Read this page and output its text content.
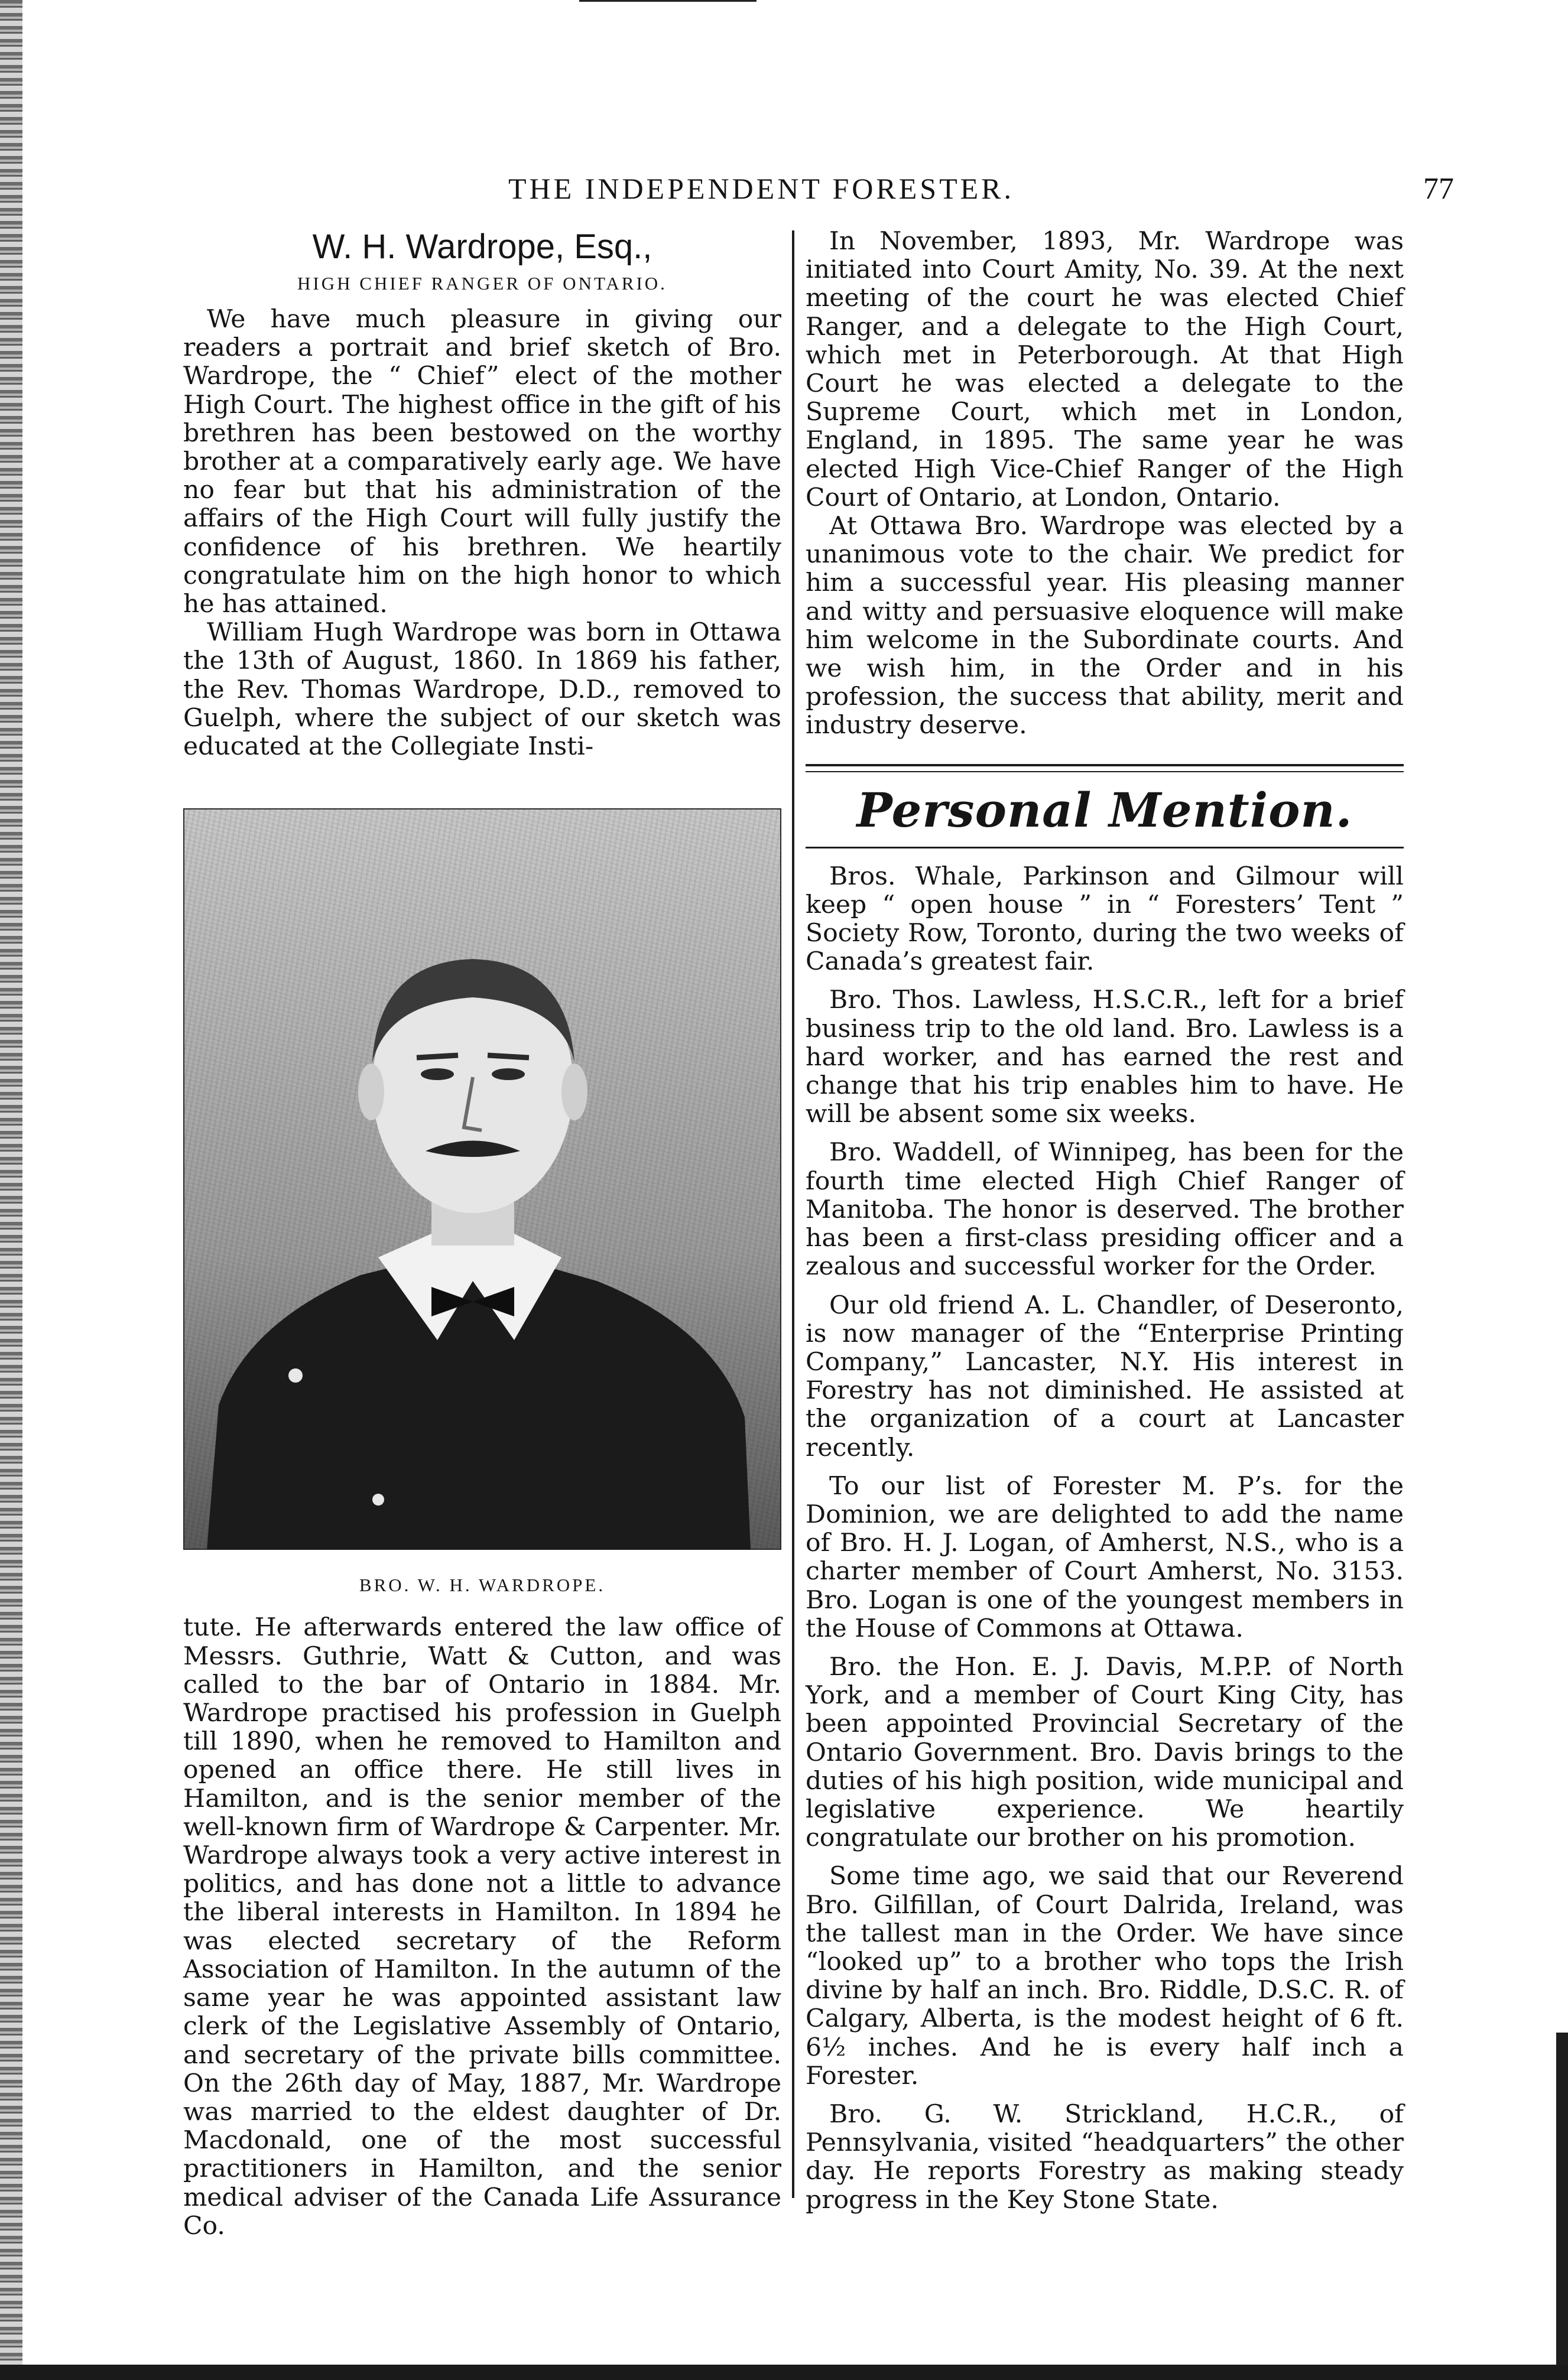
THE INDEPENDENT FORESTER.	77

W. H. Wardrope, Esq.,

HIGH CHIEF RANGER OF ONTARIO.

We have much pleasure in giving our readers a portrait and brief sketch of Bro. Wardrope, the “ Chief” elect of the mother High Court. The highest office in the gift of his brethren has been bestowed on the worthy brother at a comparatively early age. We have no fear but that his administration of the affairs of the High Court will fully justify the confidence of his brethren. We heartily congratulate him on the high honor to which he has attained.

William Hugh Wardrope was born in Ottawa the 13th of August, 1860. In 1869 his father, the Rev. Thomas Wardrope, D.D., removed to Guelph, where the subject of our sketch was educated at the Collegiate Insti-

BRO. W. H. WARDROPE.

tute. He afterwards entered the law office of Messrs. Guthrie, Watt & Cutton, and was called to the bar of Ontario in 1884. Mr. Wardrope practised his profession in Guelph till 1890, when he removed to Hamilton and opened an office there. He still lives in Hamilton, and is the senior member of the well-known firm of Wardrope & Carpenter. Mr. Wardrope always took a very active interest in politics, and has done not a little to advance the liberal interests in Hamilton. In 1894 he was elected secretary of the Reform Association of Hamilton. In the autumn of the same year he was appointed assistant law clerk of the Legislative Assembly of Ontario, and secretary of the private bills committee. On the 26th day of May, 1887, Mr. Wardrope was married to the eldest daughter of Dr. Macdonald, one of the most successful practitioners in Hamilton, and the senior medical adviser of the Canada Life Assurance Co.

In November, 1893, Mr. Wardrope was initiated into Court Amity, No. 39. At the next meeting of the court he was elected Chief Ranger, and a delegate to the High Court, which met in Peterborough. At that High Court he was elected a delegate to the Supreme Court, which met in London, England, in 1895. The same year he was elected High Vice-Chief Ranger of the High Court of Ontario, at London, Ontario.

At Ottawa Bro. Wardrope was elected by a unanimous vote to the chair. We predict for him a successful year. His pleasing manner and witty and persuasive eloquence will make him welcome in the Subordinate courts. And we wish him, in the Order and in his profession, the success that ability, merit and industry deserve.

Personal Mention.

Bros. Whale, Parkinson and Gilmour will keep “ open house ” in “ Foresters’ Tent ” Society Row, Toronto, during the two weeks of Canada’s greatest fair.

Bro. Thos. Lawless, H.S.C.R., left for a brief business trip to the old land. Bro. Lawless is a hard worker, and has earned the rest and change that his trip enables him to have. He will be absent some six weeks.

Bro. Waddell, of Winnipeg, has been for the fourth time elected High Chief Ranger of Manitoba. The honor is deserved. The brother has been a first-class presiding officer and a zealous and successful worker for the Order.

Our old friend A. L. Chandler, of Deseronto, is now manager of the “Enterprise Printing Company,” Lancaster, N.Y. His interest in Forestry has not diminished. He assisted at the organization of a court at Lancaster recently.

To our list of Forester M. P’s. for the Dominion, we are delighted to add the name of Bro. H. J. Logan, of Amherst, N.S., who is a charter member of Court Amherst, No. 3153. Bro. Logan is one of the youngest members in the House of Commons at Ottawa.

Bro. the Hon. E. J. Davis, M.P.P. of North York, and a member of Court King City, has been appointed Provincial Secretary of the Ontario Government. Bro. Davis brings to the duties of his high position, wide municipal and legislative experience. We heartily congratulate our brother on his promotion.

Some time ago, we said that our Reverend Bro. Gilfillan, of Court Dalrida, Ireland, was the tallest man in the Order. We have since “looked up” to a brother who tops the Irish divine by half an inch. Bro. Riddle, D.S.C. R. of Calgary, Alberta, is the modest height of 6 ft. 6½ inches. And he is every half inch a Forester.

Bro. G. W. Strickland, H.C.R., of Pennsylvania, visited “headquarters” the other day. He reports Forestry as making steady progress in the Key Stone State.
